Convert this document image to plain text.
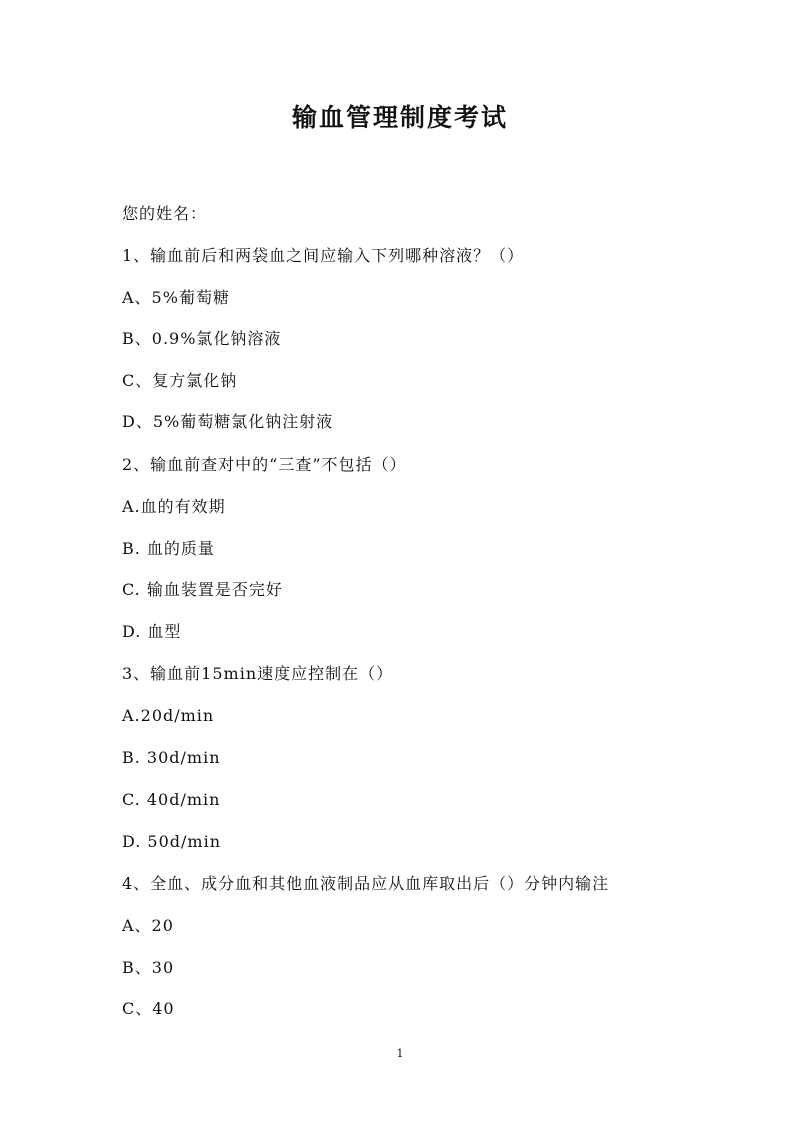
输血管理制度考试
您的姓名：
1、输血前后和两袋血之间应输入下列哪种溶液？（）
A、5%葡萄糖
B、0.9%氯化钠溶液
C、复方氯化钠
D、5%葡萄糖氯化钠注射液
2、输血前查对中的“三查”不包括（）
A.血的有效期
B. 血的质量
C. 输血装置是否完好
D. 血型
3、输血前15min速度应控制在（）
A.20d/min
B. 30d/min
C. 40d/min
D. 50d/min
4、全血、成分血和其他血液制品应从血库取出后（）分钟内输注
A、20
B、30
C、40
1
